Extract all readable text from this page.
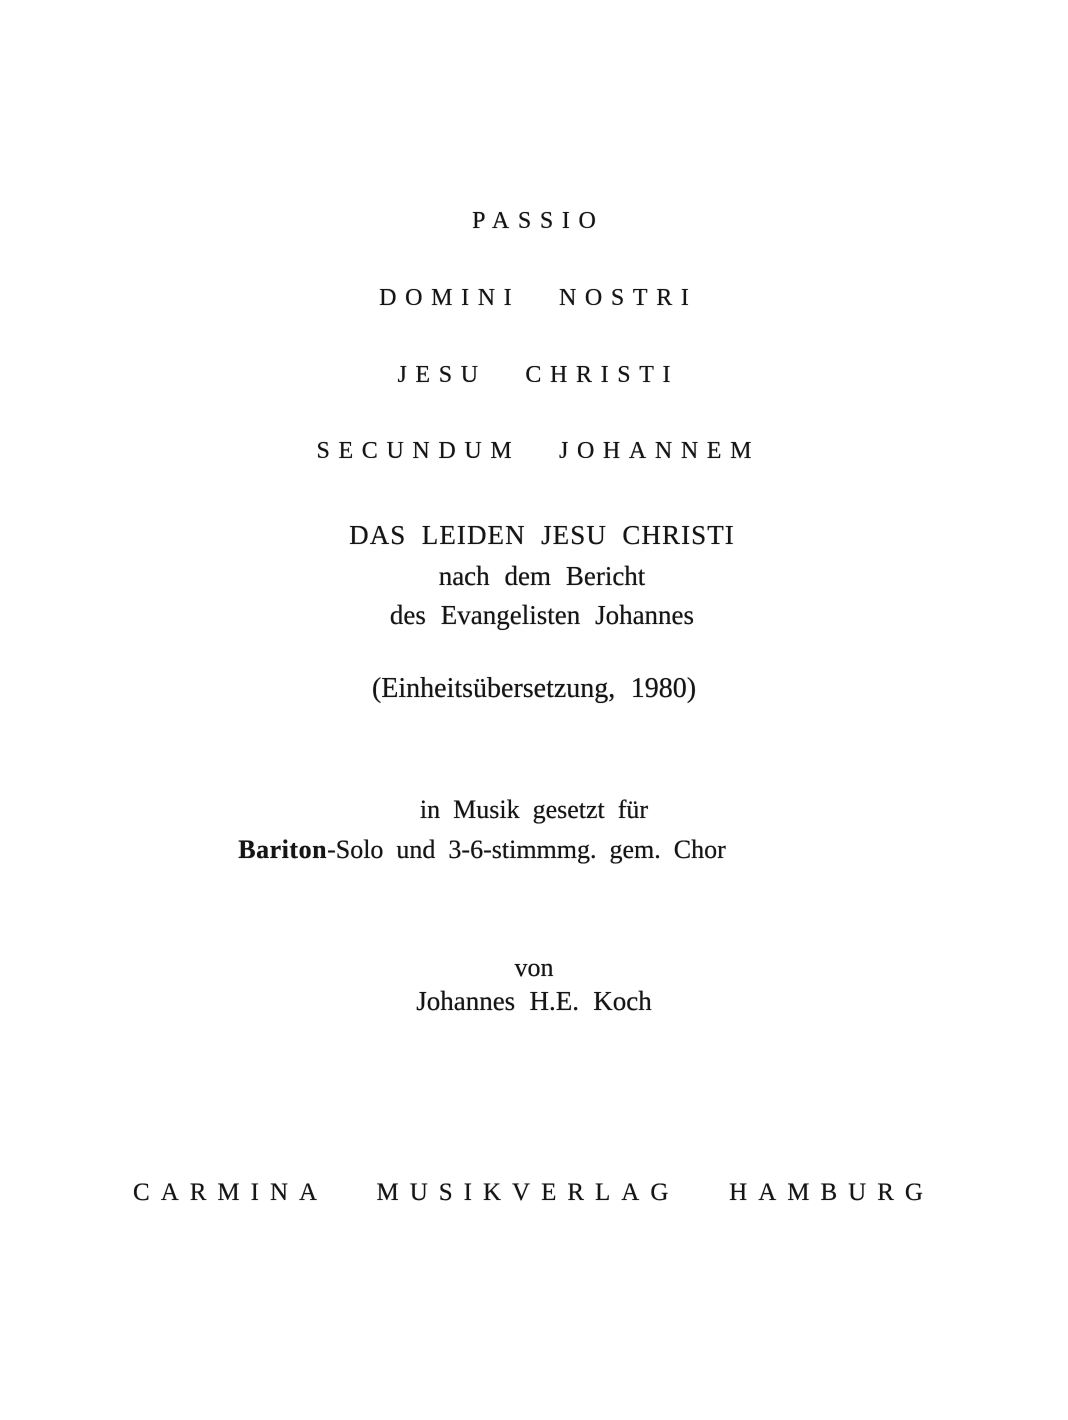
PASSIO
DOMINI NOSTRI
JESU CHRISTI
SECUNDUM JOHANNEM
DAS LEIDEN JESU CHRISTI
nach dem Bericht
des Evangelisten Johannes
(Einheitsübersetzung, 1980)
in Musik gesetzt für
Bariton-Solo und 3-6-stimmmg. gem. Chor
von
Johannes H.E. Koch
CARMINA MUSIKVERLAG HAMBURG
